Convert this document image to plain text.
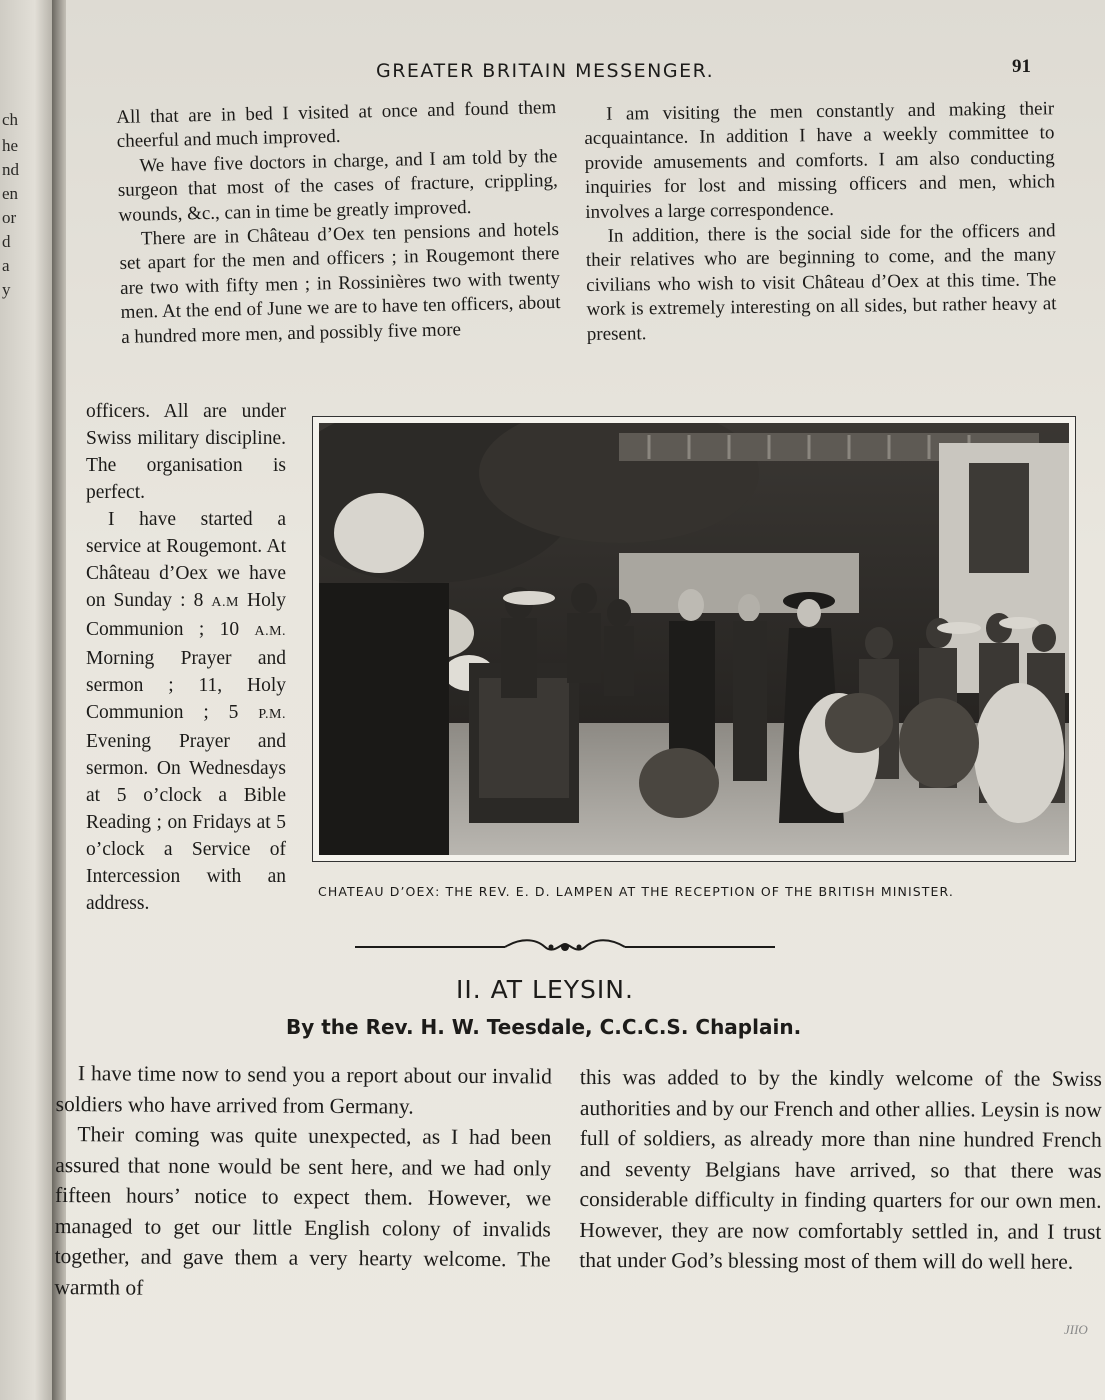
ch
he
nd
en
or
d
a
y
GREATER BRITAIN MESSENGER.	91

All that are in bed I visited at once and found them cheerful and much improved.

We have five doctors in charge, and I am told by the surgeon that most of the cases of fracture, crippling, wounds, &c., can in time be greatly improved.

There are in Château d’Oex ten pensions and hotels set apart for the men and officers ; in Rougemont there are two with fifty men ; in Rossinières two with twenty men. At the end of June we are to have ten officers, about a hundred more men, and possibly five more

I am visiting the men constantly and making their acquaintance. In addition I have a weekly committee to provide amusements and comforts. I am also conducting inquiries for lost and missing officers and men, which involves a large correspondence.

In addition, there is the social side for the officers and their relatives who are beginning to come, and the many civilians who wish to visit Château d’Oex at this time. The work is extremely interesting on all sides, but rather heavy at present.

officers. All are under Swiss military discipline. The organisation is perfect.

I have started a service at Rougemont. At Château d’Oex we have on Sunday : 8 A.M Holy Communion ; 10 A.M. Morning Prayer and sermon ; 11, Holy Communion ; 5 P.M. Evening Prayer and sermon. On Wednesdays at 5 o’clock a Bible Reading ; on Fridays at 5 o’clock a Service of Intercession with an address.

CHATEAU D’OEX: THE REV. E. D. LAMPEN AT THE RECEPTION OF THE BRITISH MINISTER.
II. AT LEYSIN.
By the Rev. H. W. Teesdale, C.C.C.S. Chaplain.

I have time now to send you a report about our invalid soldiers who have arrived from Germany.

Their coming was quite unexpected, as I had been assured that none would be sent here, and we had only fifteen hours’ notice to expect them. However, we managed to get our little English colony of invalids together, and gave them a very hearty welcome. The warmth of

this was added to by the kindly welcome of the Swiss authorities and by our French and other allies. Leysin is now full of soldiers, as already more than nine hundred French and seventy Belgians have arrived, so that there was considerable difficulty in finding quarters for our own men. However, they are now comfortably settled in, and I trust that under God’s blessing most of them will do well here.

JIIO
